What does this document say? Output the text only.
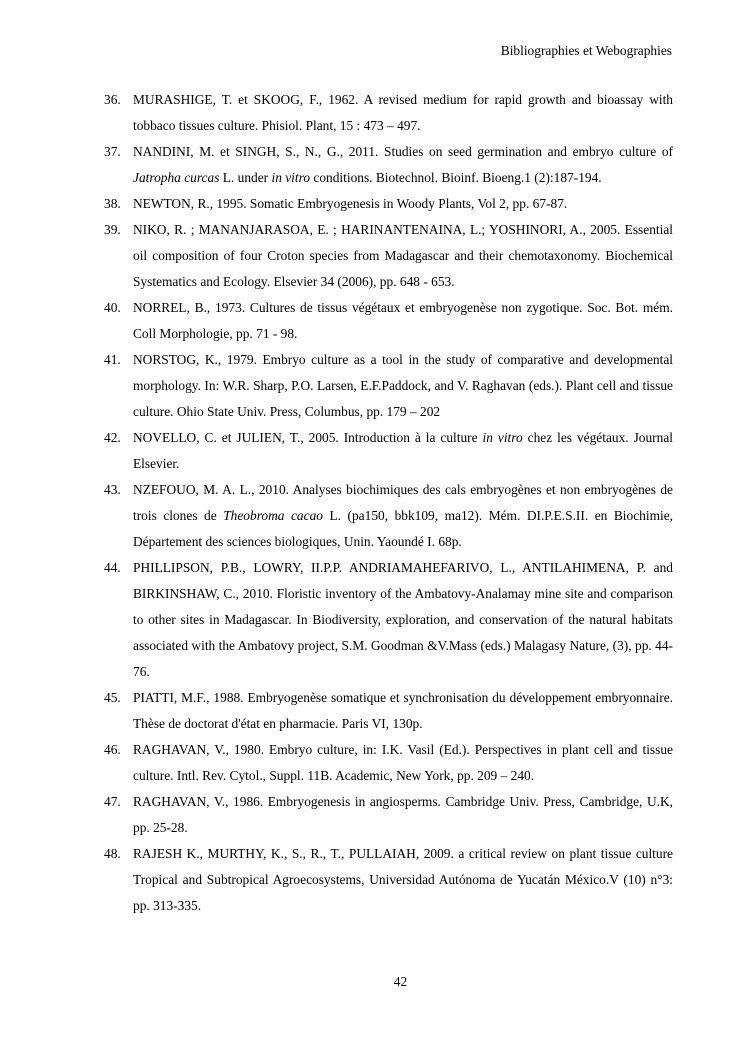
Bibliographies et Webographies
36. MURASHIGE, T. et SKOOG, F., 1962. A revised medium for rapid growth and bioassay with tobbaco tissues culture. Phisiol. Plant, 15 : 473 – 497.
37. NANDINI, M. et SINGH, S., N., G., 2011. Studies on seed germination and embryo culture of Jatropha curcas L. under in vitro conditions. Biotechnol. Bioinf. Bioeng.1 (2):187-194.
38. NEWTON, R., 1995. Somatic Embryogenesis in Woody Plants, Vol 2, pp. 67-87.
39. NIKO, R. ; MANANJARASOA, E. ; HARINANTENAINA, L.; YOSHINORI, A., 2005. Essential oil composition of four Croton species from Madagascar and their chemotaxonomy. Biochemical Systematics and Ecology. Elsevier 34 (2006), pp. 648 - 653.
40. NORREL, B., 1973. Cultures de tissus végétaux et embryogenèse non zygotique. Soc. Bot. mém. Coll Morphologie, pp. 71 - 98.
41. NORSTOG, K., 1979. Embryo culture as a tool in the study of comparative and developmental morphology. In: W.R. Sharp, P.O. Larsen, E.F.Paddock, and V. Raghavan (eds.). Plant cell and tissue culture. Ohio State Univ. Press, Columbus, pp. 179 – 202
42. NOVELLO, C. et JULIEN, T., 2005. Introduction à la culture in vitro chez les végétaux. Journal Elsevier.
43. NZEFOUO, M. A. L., 2010. Analyses biochimiques des cals embryogènes et non embryogènes de trois clones de Theobroma cacao L. (pa150, bbk109, ma12). Mém. DI.P.E.S.II. en Biochimie, Département des sciences biologiques, Unin. Yaoundé I. 68p.
44. PHILLIPSON, P.B., LOWRY, II.P.P. ANDRIAMAHEFARIVO, L., ANTILAHIMENA, P. and BIRKINSHAW, C., 2010. Floristic inventory of the Ambatovy-Analamay mine site and comparison to other sites in Madagascar. In Biodiversity, exploration, and conservation of the natural habitats associated with the Ambatovy project, S.M. Goodman &V.Mass (eds.) Malagasy Nature, (3), pp. 44-76.
45. PIATTI, M.F., 1988. Embryogenèse somatique et synchronisation du développement embryonnaire. Thèse de doctorat d'état en pharmacie. Paris VI, 130p.
46. RAGHAVAN, V., 1980. Embryo culture, in: I.K. Vasil (Ed.). Perspectives in plant cell and tissue culture. Intl. Rev. Cytol., Suppl. 11B. Academic, New York, pp. 209 – 240.
47. RAGHAVAN, V., 1986. Embryogenesis in angiosperms. Cambridge Univ. Press, Cambridge, U.K, pp. 25-28.
48. RAJESH K., MURTHY, K., S., R., T., PULLAIAH, 2009. a critical review on plant tissue culture Tropical and Subtropical Agroecosystems, Universidad Autónoma de Yucatán México.V (10) n°3: pp. 313-335.
42
